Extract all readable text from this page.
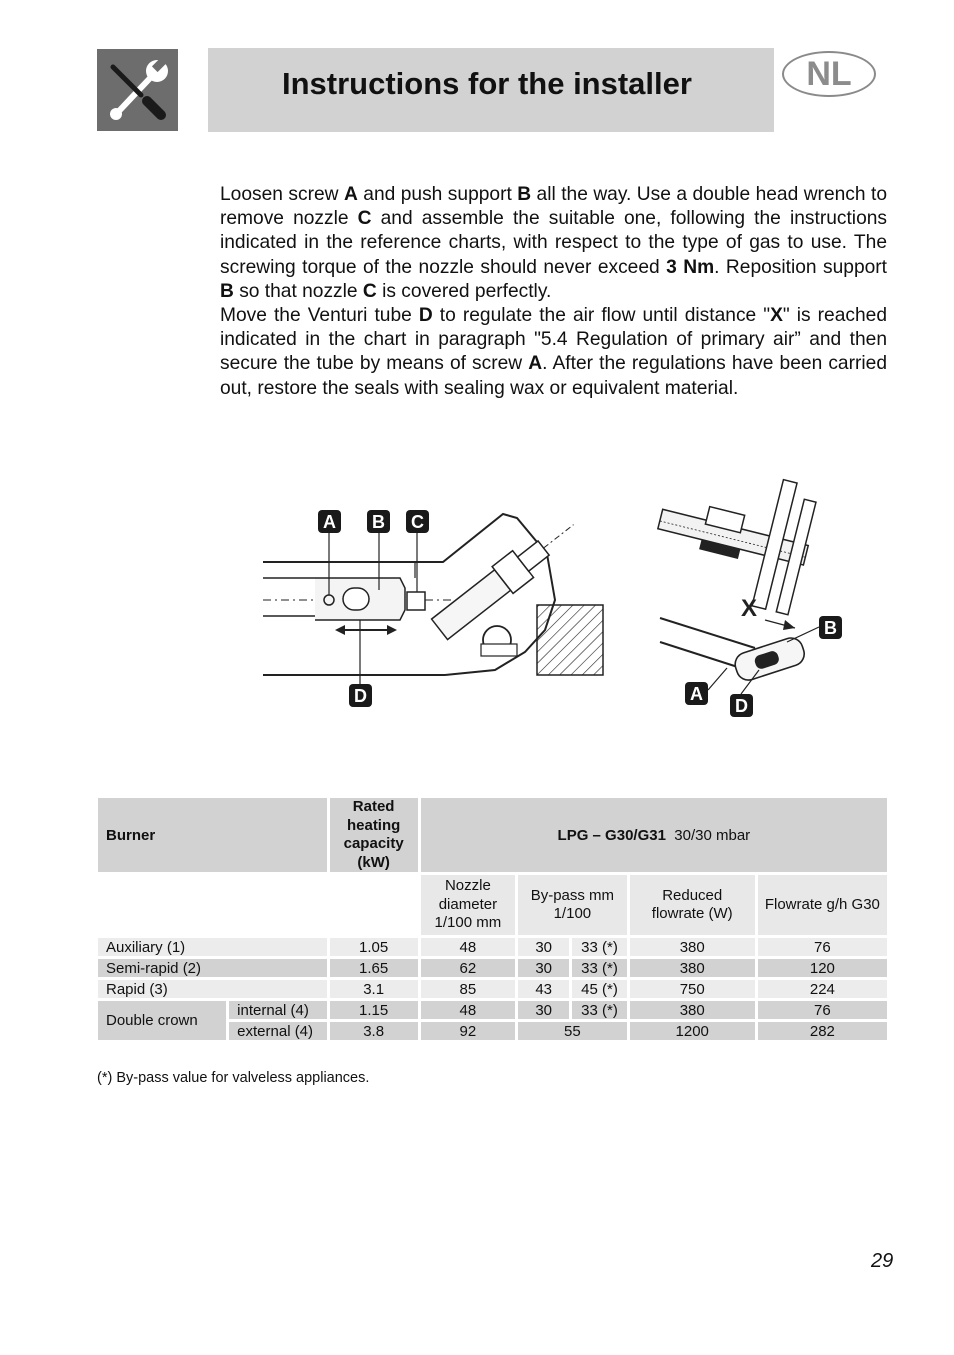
Instructions for the installer	NL

Loosen screw A and push support B all the way. Use a double head wrench to remove nozzle C and assemble the suitable one, following the instructions indicated in the reference charts, with respect to the type of gas to use. The screwing torque of the nozzle should never exceed 3 Nm. Reposition support B so that nozzle C is covered perfectly.

Move the Venturi tube D to regulate the air flow until distance "X" is reached indicated in the chart in paragraph "5.4 Regulation of primary air” and then secure the tube by means of screw A. After the regulations have been carried out, restore the seals with sealing wax or equivalent material.

A B C
D
X
B
A
D
Burner		Rated heating capacity (kW)	LPG – G30/G31 30/30 mbar				
			Nozzle diameter 1/100 mm	By-pass mm 1/100		Reduced flowrate (W)	Flowrate g/h G30
Auxiliary (1)		1.05	48	30	33 (*)	380	76
Semi-rapid (2)		1.65	62	30	33 (*)	380	120
Rapid (3)		3.1	85	43	45 (*)	750	224
Double crown	internal (4)	1.15	48	30	33 (*)	380	76
	external (4)	3.8	92	55		1200	282
(*) By-pass value for valveless appliances.
29
